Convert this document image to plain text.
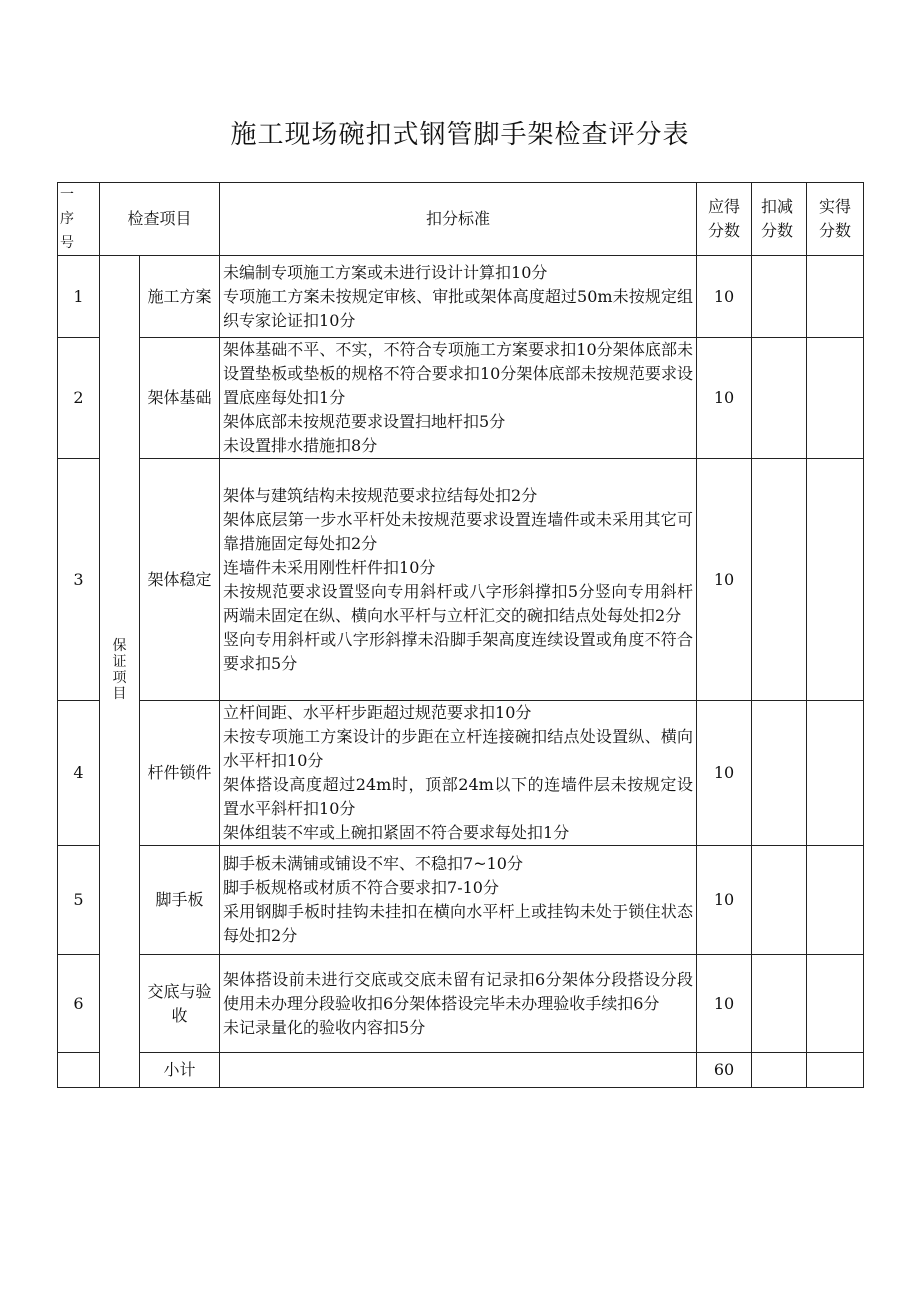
施工现场碗扣式钢管脚手架检查评分表
一序号	检查项目		扣分标准	应得分数	扣减分数	实得分数
1	保证项目	施工方案	未编制专项施工方案或未进行设计计算扣10分
专项施工方案未按规定审核、审批或架体高度超过50m未按规定组织专家论证扣10分	10		
2		架体基础	架体基础不平、不实，不符合专项施工方案要求扣10分架体底部未设置垫板或垫板的规格不符合要求扣10分架体底部未按规范要求设置底座每处扣1分
架体底部未按规范要求设置扫地杆扣5分
未设置排水措施扣8分	10		
3		架体稳定	架体与建筑结构未按规范要求拉结每处扣2分
架体底层第一步水平杆处未按规范要求设置连墙件或未采用其它可靠措施固定每处扣2分
连墙件未采用刚性杆件扣10分
未按规范要求设置竖向专用斜杆或八字形斜撑扣5分竖向专用斜杆两端未固定在纵、横向水平杆与立杆汇交的碗扣结点处每处扣2分
竖向专用斜杆或八字形斜撑未沿脚手架高度连续设置或角度不符合要求扣5分	10		
4		杆件锁件	立杆间距、水平杆步距超过规范要求扣10分
未按专项施工方案设计的步距在立杆连接碗扣结点处设置纵、横向水平杆扣10分
架体搭设高度超过24m时，顶部24m以下的连墙件层未按规定设置水平斜杆扣10分
架体组装不牢或上碗扣紧固不符合要求每处扣1分	10		
5		脚手板	脚手板未满铺或铺设不牢、不稳扣7~10分
脚手板规格或材质不符合要求扣7-10分
采用钢脚手板时挂钩未挂扣在横向水平杆上或挂钩未处于锁住状态每处扣2分	10		
6		交底与验收	架体搭设前未进行交底或交底未留有记录扣6分架体分段搭设分段使用未办理分段验收扣6分架体搭设完毕未办理验收手续扣6分
未记录量化的验收内容扣5分	10		
		小计		60		
